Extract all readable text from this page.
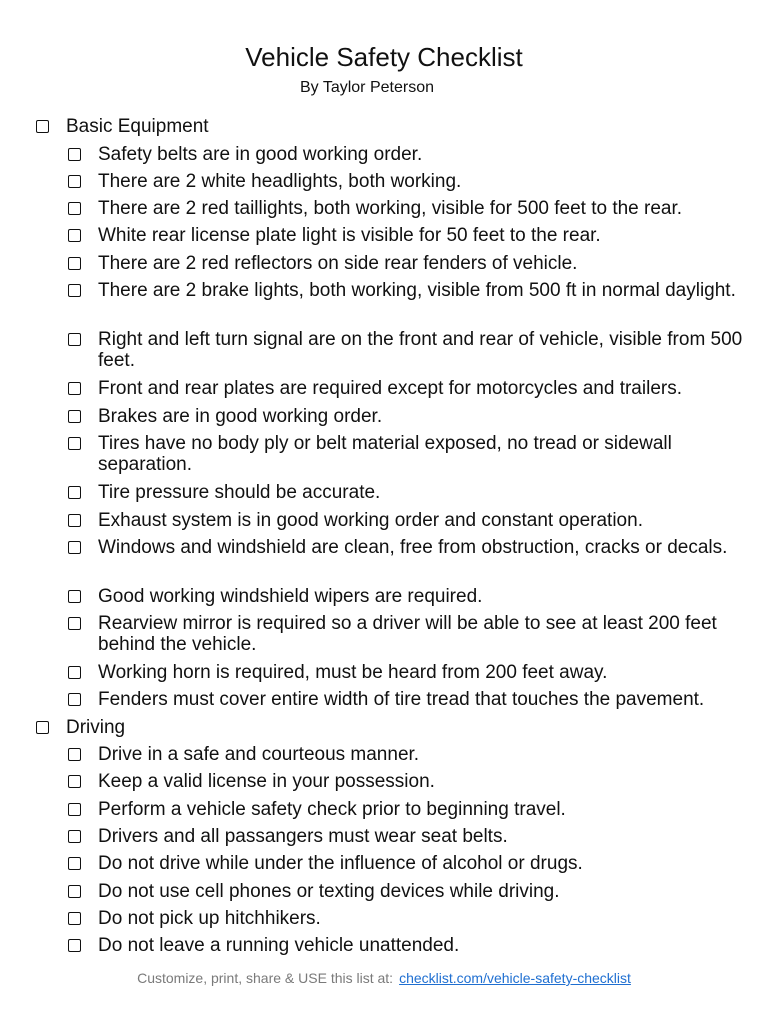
Vehicle Safety Checklist
By Taylor Peterson
Basic Equipment
Safety belts are in good working order.
There are 2 white headlights, both working.
There are 2 red taillights, both working, visible for 500 feet to the rear.
White rear license plate light is visible for 50 feet to the rear.
There are 2 red reflectors on side rear fenders of vehicle.
There are 2 brake lights, both working, visible from 500 ft in normal daylight.
Right and left turn signal are on the front and rear of vehicle, visible from 500 feet.
Front and rear plates are required except for motorcycles and trailers.
Brakes are in good working order.
Tires have no body ply or belt material exposed, no tread or sidewall separation.
Tire pressure should be accurate.
Exhaust system is in good working order and constant operation.
Windows and windshield are clean, free from obstruction, cracks or decals.
Good working windshield wipers are required.
Rearview mirror is required so a driver will be able to see at least 200 feet behind the vehicle.
Working horn is required, must be heard from 200 feet away.
Fenders must cover entire width of tire tread that touches the pavement.
Driving
Drive in a safe and courteous manner.
Keep a valid license in your possession.
Perform a vehicle safety check prior to beginning travel.
Drivers and all passangers must wear seat belts.
Do not drive while under the influence of alcohol or drugs.
Do not use cell phones or texting devices while driving.
Do not pick up hitchhikers.
Do not leave a running vehicle unattended.
Customize, print, share & USE this list at: checklist.com/vehicle-safety-checklist
